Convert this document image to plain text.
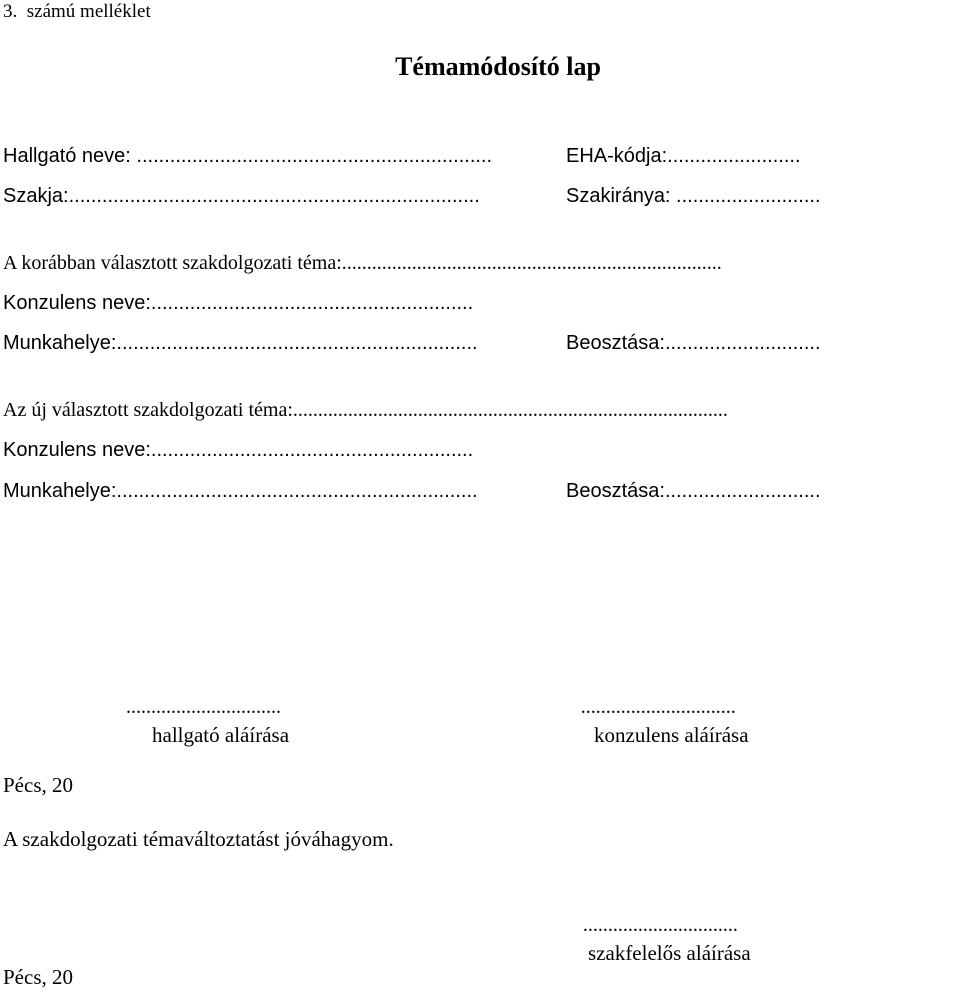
3.  számú melléklet
Témamódosító lap
Hallgató neve: ................................................................	EHA-kódja:........................
Szakja:..........................................................................	Szakiránya: ..........................
A korábban választott szakdolgozati téma:............................................................................
Konzulens neve:..........................................................
Munkahelye:.................................................................	Beosztása:............................
Az új választott szakdolgozati téma:.......................................................................................
Konzulens neve:..........................................................
Munkahelye:.................................................................	Beosztása:............................
...............................
hallgató aláírása
...............................
konzulens aláírása
Pécs, 20
A szakdolgozati témaváltoztatást jóváhagyom.
...............................
szakfelelős aláírása
Pécs, 20
